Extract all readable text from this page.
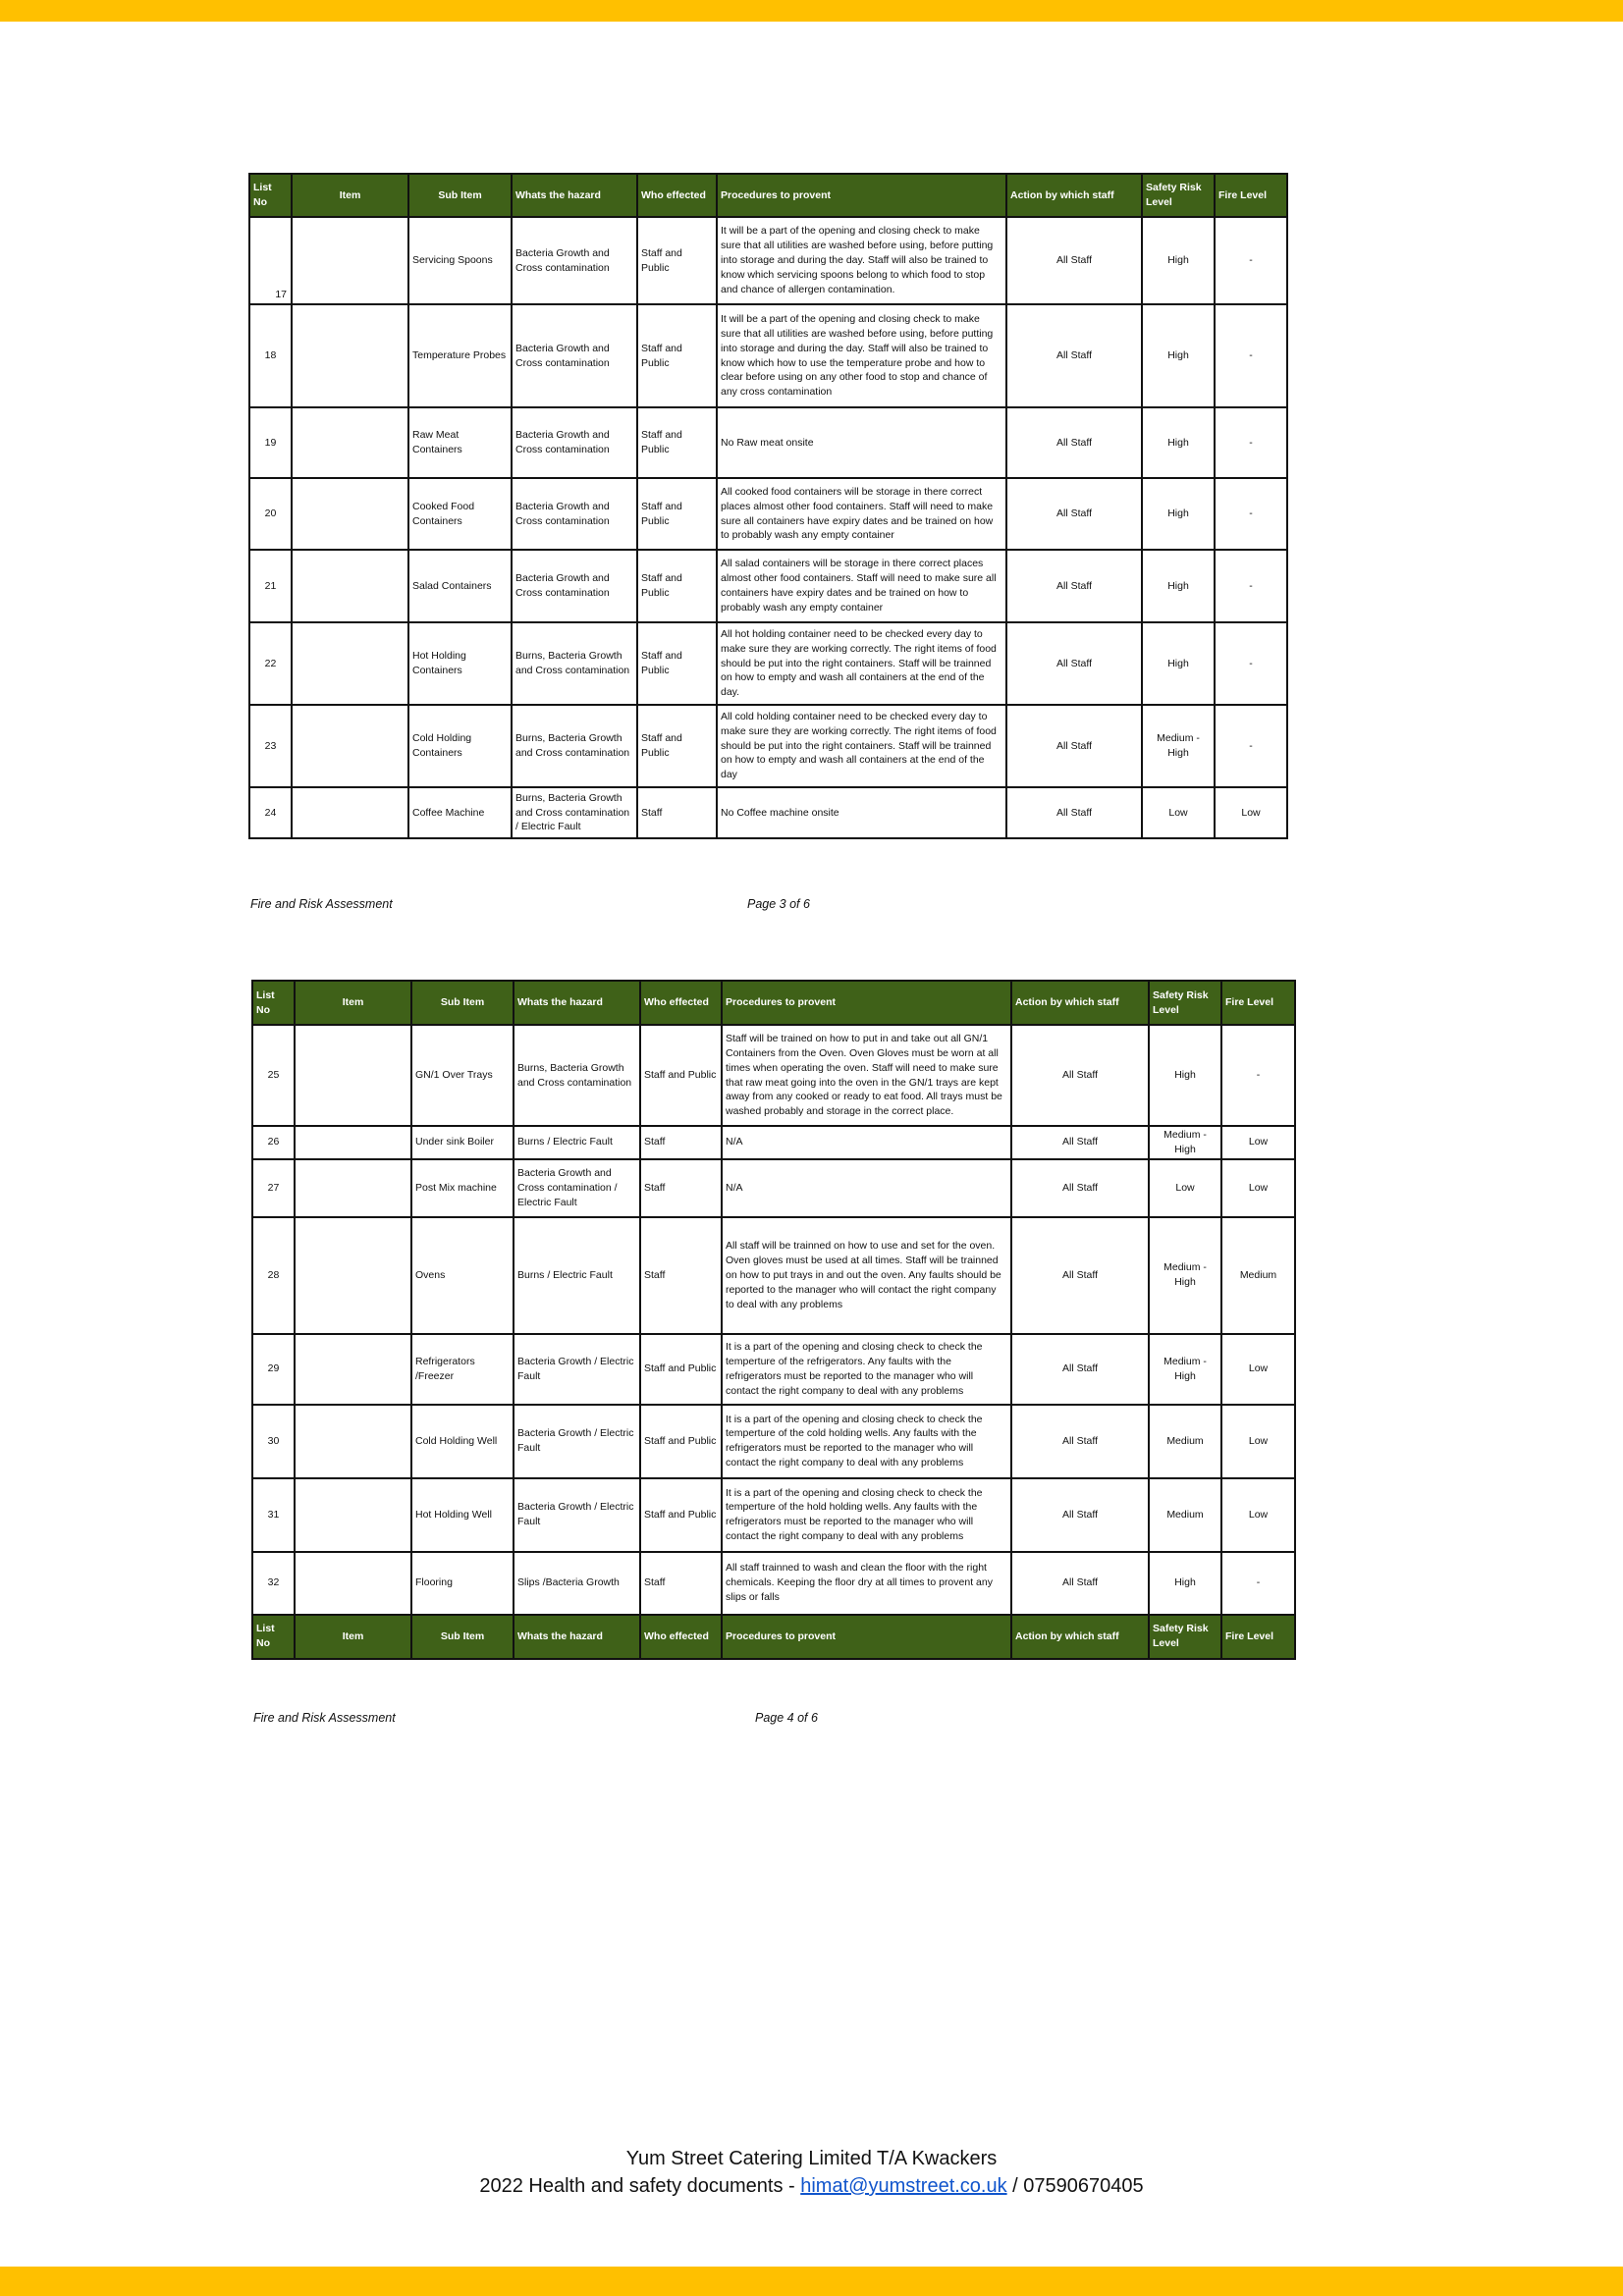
List No	Item	Sub Item	Whats the hazard	Who effected	Procedures to provent	Action by which staff	Safety Risk Level	Fire Level
17		Servicing Spoons	Bacteria Growth and Cross contamination	Staff and Public	It will be a part of the opening and closing check to make sure that all utilities are washed before using, before putting into storage and during the day. Staff will also be trained to know which servicing spoons belong to which food to stop and chance of allergen contamination.	All Staff	High	-
18		Temperature Probes	Bacteria Growth and Cross contamination	Staff and Public	It will be a part of the opening and closing check to make sure that all utilities are washed before using, before putting into storage and during the day. Staff will also be trained to know which how to use the temperature probe and how to clear before using on any other food to stop and chance of any cross contamination	All Staff	High	-
19		Raw Meat Containers	Bacteria Growth and Cross contamination	Staff and Public	No Raw meat onsite	All Staff	High	-
20		Cooked Food Containers	Bacteria Growth and Cross contamination	Staff and Public	All cooked food containers will be storage in there correct places almost other food containers. Staff will need to make sure all containers have expiry dates and be trained on how to probably wash any empty container	All Staff	High	-
21		Salad Containers	Bacteria Growth and Cross contamination	Staff and Public	All salad containers will be storage in there correct places almost other food containers. Staff will need to make sure all containers have expiry dates and be trained on how to probably wash any empty container	All Staff	High	-
22		Hot Holding Containers	Burns, Bacteria Growth and Cross contamination	Staff and Public	All hot holding container need to be checked every day to make sure they are working correctly. The right items of food should be put into the right containers. Staff will be trainned on how to empty and wash all containers at the end of the day.	All Staff	High	-
23		Cold Holding Containers	Burns, Bacteria Growth and Cross contamination	Staff and Public	All cold holding container need to be checked every day to make sure they are working correctly. The right items of food should be put into the right containers. Staff will be trainned on how to empty and wash all containers at the end of the day	All Staff	Medium - High	-
24		Coffee Machine	Burns, Bacteria Growth and Cross contamination / Electric Fault	Staff	No Coffee machine onsite	All Staff	Low	Low
Fire and Risk Assessment	Page 3 of 6
List No	Item	Sub Item	Whats the hazard	Who effected	Procedures to provent	Action by which staff	Safety Risk Level	Fire Level
25		GN/1 Over Trays	Burns, Bacteria Growth and Cross contamination	Staff and Public	Staff will be trained on how to put in and take out all GN/1 Containers from the Oven. Oven Gloves must be worn at all times when operating the oven. Staff will need to make sure that raw meat going into the oven in the GN/1 trays are kept away from any cooked or ready to eat food. All trays must be washed probably and storage in the correct place.	All Staff	High	-
26		Under sink Boiler	Burns / Electric Fault	Staff	N/A	All Staff	Medium - High	Low
27		Post Mix machine	Bacteria Growth and Cross contamination / Electric Fault	Staff	N/A	All Staff	Low	Low
28		Ovens	Burns / Electric Fault	Staff	All staff will be trainned on how to use and set for the oven. Oven gloves must be used at all times. Staff will be trainned on how to put trays in and out the oven. Any faults should be reported to the manager who will contact the right company to deal with any problems	All Staff	Medium - High	Medium
29		Refrigerators /Freezer	Bacteria Growth / Electric Fault	Staff and Public	It is a part of the opening and closing check to check the temperture of the refrigerators. Any faults with the refrigerators must be reported to the manager who will contact the right company to deal with any problems	All Staff	Medium - High	Low
30		Cold Holding Well	Bacteria Growth / Electric Fault	Staff and Public	It is a part of the opening and closing check to check the temperture of the cold holding wells. Any faults with the refrigerators must be reported to the manager who will contact the right company to deal with any problems	All Staff	Medium	Low
31		Hot Holding Well	Bacteria Growth / Electric Fault	Staff and Public	It is a part of the opening and closing check to check the temperture of the hold holding wells. Any faults with the refrigerators must be reported to the manager who will contact the right company to deal with any problems	All Staff	Medium	Low
32		Flooring	Slips /Bacteria Growth	Staff	All staff trainned to wash and clean the floor with the right chemicals. Keeping the floor dry at all times to provent any slips or falls	All Staff	High	-
List No	Item	Sub Item	Whats the hazard	Who effected	Procedures to provent	Action by which staff	Safety Risk Level	Fire Level
Fire and Risk Assessment	Page 4 of 6
Yum Street Catering Limited T/A Kwackers
2022 Health and safety documents - himat@yumstreet.co.uk / 07590670405
